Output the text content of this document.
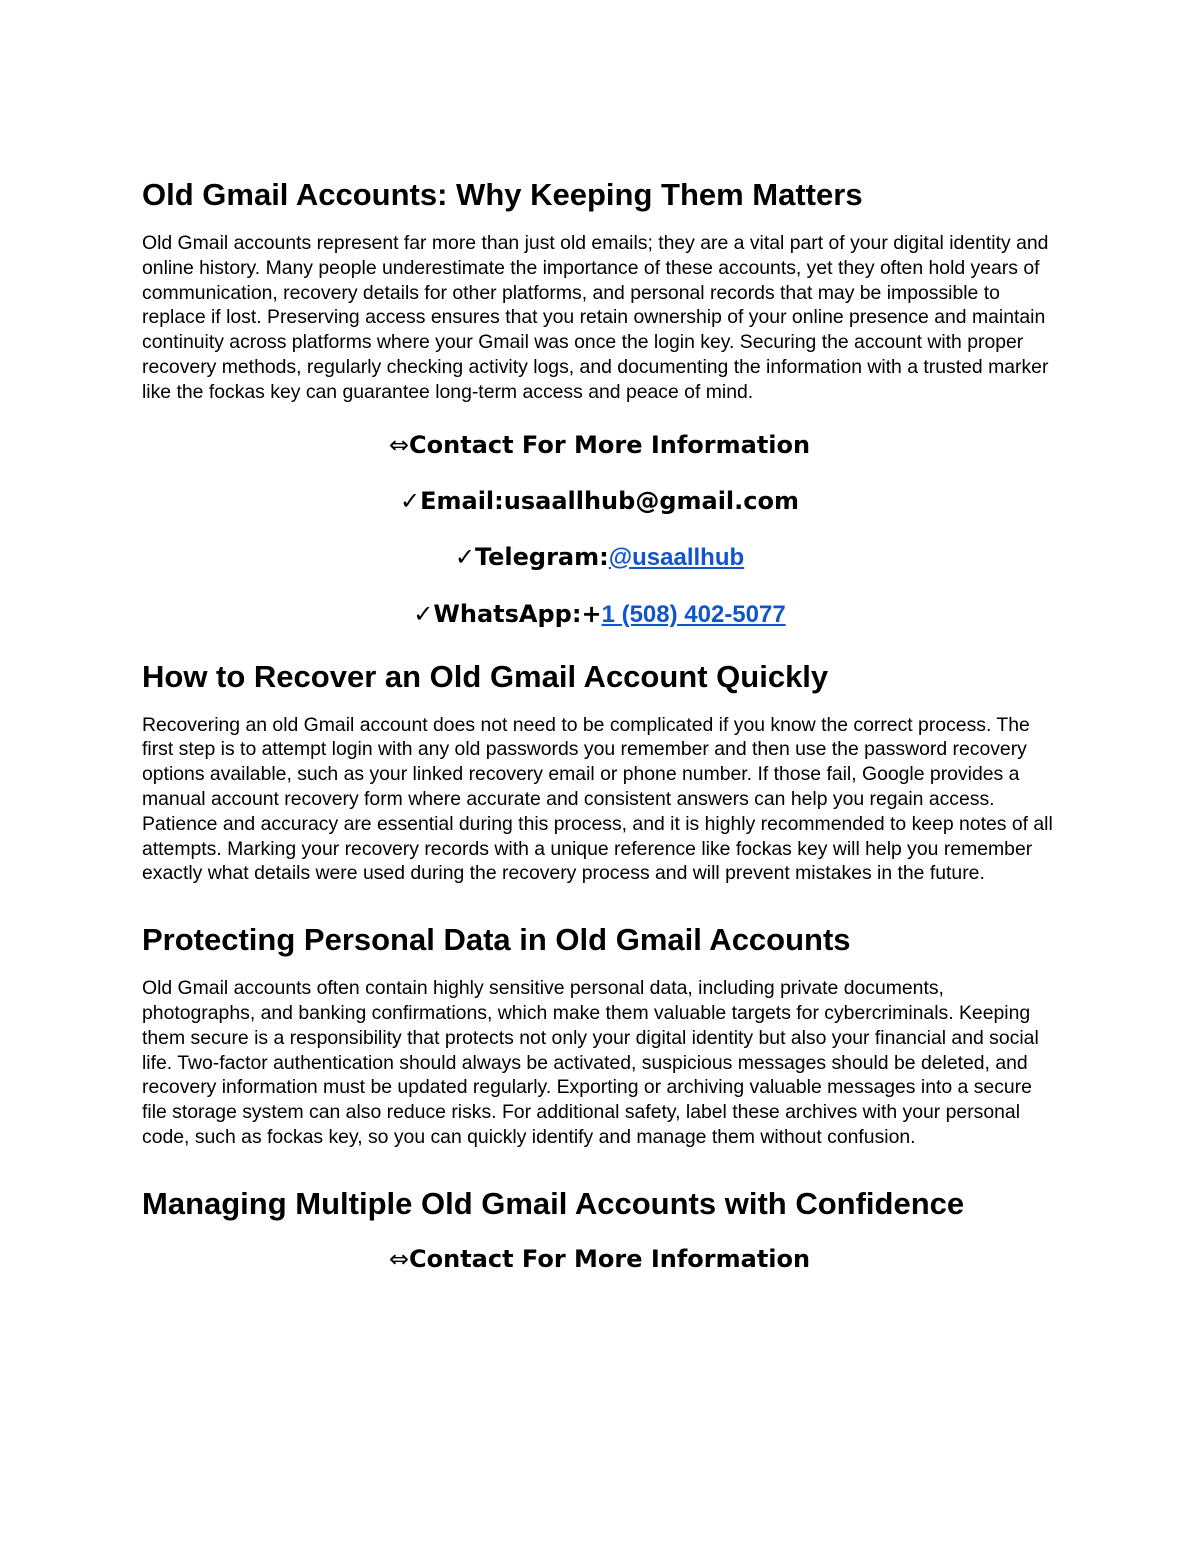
Old Gmail Accounts: Why Keeping Them Matters

Old Gmail accounts represent far more than just old emails; they are a vital part of your digital identity and online history. Many people underestimate the importance of these accounts, yet they often hold years of communication, recovery details for other platforms, and personal records that may be impossible to replace if lost. Preserving access ensures that you retain ownership of your online presence and maintain continuity across platforms where your Gmail was once the login key. Securing the account with proper recovery methods, regularly checking activity logs, and documenting the information with a trusted marker like the fockas key can guarantee long-term access and peace of mind.

⇔Contact For More Information

✓Email:usaallhub@gmail.com

✓Telegram:@usaallhub

✓WhatsApp:+1 (508) 402-5077

How to Recover an Old Gmail Account Quickly

Recovering an old Gmail account does not need to be complicated if you know the correct process. The first step is to attempt login with any old passwords you remember and then use the password recovery options available, such as your linked recovery email or phone number. If those fail, Google provides a manual account recovery form where accurate and consistent answers can help you regain access. Patience and accuracy are essential during this process, and it is highly recommended to keep notes of all attempts. Marking your recovery records with a unique reference like fockas key will help you remember exactly what details were used during the recovery process and will prevent mistakes in the future.

Protecting Personal Data in Old Gmail Accounts

Old Gmail accounts often contain highly sensitive personal data, including private documents, photographs, and banking confirmations, which make them valuable targets for cybercriminals. Keeping them secure is a responsibility that protects not only your digital identity but also your financial and social life. Two-factor authentication should always be activated, suspicious messages should be deleted, and recovery information must be updated regularly. Exporting or archiving valuable messages into a secure file storage system can also reduce risks. For additional safety, label these archives with your personal code, such as fockas key, so you can quickly identify and manage them without confusion.

Managing Multiple Old Gmail Accounts with Confidence

⇔Contact For More Information
